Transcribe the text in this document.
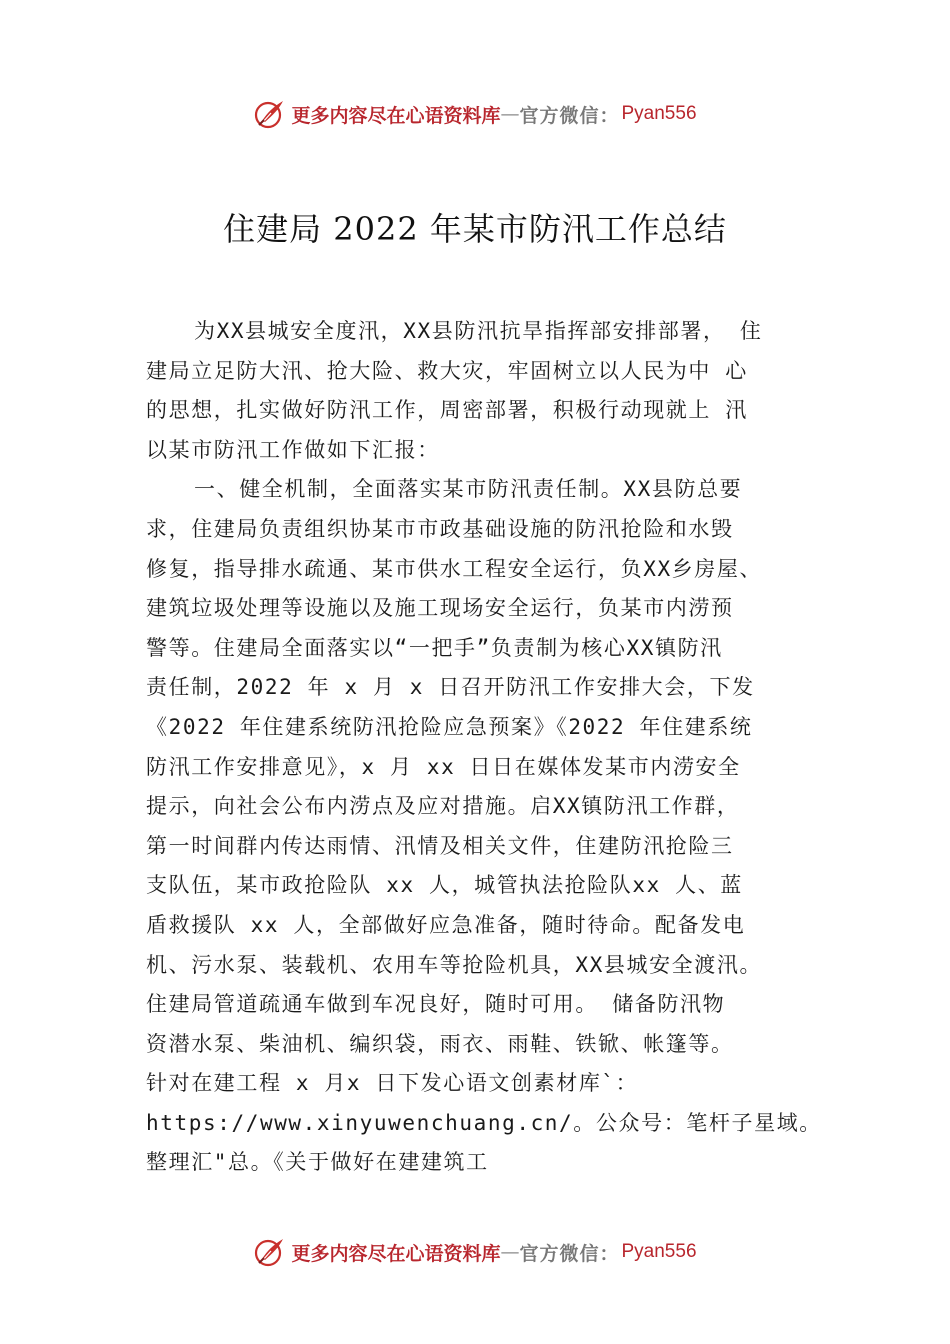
更多内容尽在心语资料库 — 官方微信： Pyan556
住建局 2022 年某市防汛工作总结
为XX县城安全度汛，XX县防汛抗旱指挥部安排部署， 住
建局立足防大汛、抢大险、救大灾，牢固树立以人民为中 心
的思想，扎实做好防汛工作，周密部署，积极行动现就上 汛
以某市防汛工作做如下汇报：
一、健全机制，全面落实某市防汛责任制。XX县防总要
求，住建局负责组织协某市市政基础设施的防汛抢险和水毁
修复，指导排水疏通、某市供水工程安全运行，负XX乡房屋、
建筑垃圾处理等设施以及施工现场安全运行，负某市内涝预
警等。住建局全面落实以“一把手”负责制为核心XX镇防汛
责任制，2022 年 x 月 x 日召开防汛工作安排大会，下发
《2022 年住建系统防汛抢险应急预案》《2022 年住建系统
防汛工作安排意见》，x 月 xx 日日在媒体发某市内涝安全
提示，向社会公布内涝点及应对措施。启XX镇防汛工作群，
第一时间群内传达雨情、汛情及相关文件，住建防汛抢险三
支队伍，某市政抢险队 xx 人，城管执法抢险队xx 人、蓝
盾救援队 xx 人，全部做好应急准备，随时待命。配备发电
机、污水泵、装载机、农用车等抢险机具，XX县城安全渡汛。
住建局管道疏通车做到车况良好，随时可用。 储备防汛物
资潜水泵、柴油机、编织袋，雨衣、雨鞋、铁锨、帐篷等。
针对在建工程 x 月x 日下发心语文创素材库`：
https://www.xinyuwenchuang.cn/。公众号：笔杆子星域。
整理汇"总。《关于做好在建建筑工
更多内容尽在心语资料库 — 官方微信： Pyan556
